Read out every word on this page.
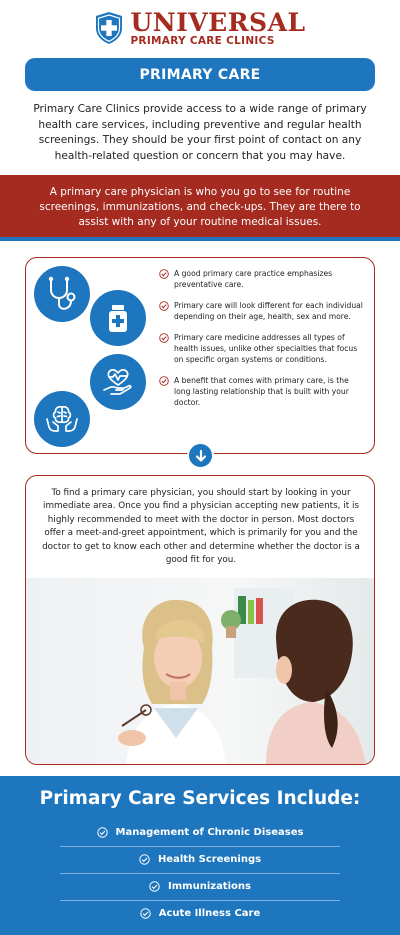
UNIVERSAL
PRIMARY CARE CLINICS
PRIMARY CARE

Primary Care Clinics provide access to a wide range of primary health care services, including preventive and regular health screenings. They should be your first point of contact on any health-related question or concern that you may have.

A primary care physician is who you go to see for routine screenings, immunizations, and check-ups. They are there to assist with any of your routine medical issues.

A good primary care practice emphasizes preventative care.
Primary care will look different for each individual depending on their age, health, sex and more.
Primary care medicine addresses all types of health issues, unlike other specialties that focus on specific organ systems or conditions.
A benefit that comes with primary care, is the long lasting relationship that is built with your doctor.

To find a primary care physician, you should start by looking in your immediate area. Once you find a physician accepting new patients, it is highly recommended to meet with the doctor in person. Most doctors offer a meet-and-greet appointment, which is primarily for you and the doctor to get to know each other and determine whether the doctor is a good fit for you.

Primary Care Services Include:
Management of Chronic Diseases
Health Screenings
Immunizations
Acute Illness Care
